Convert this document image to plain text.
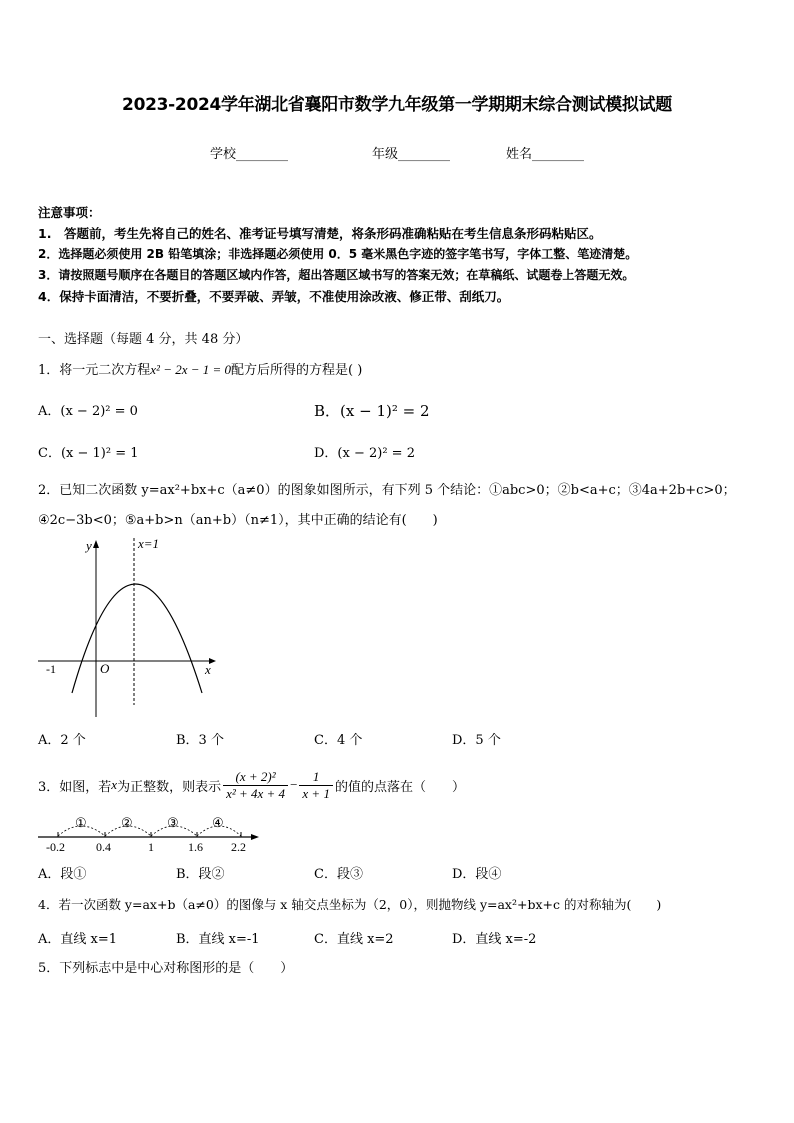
2023-2024学年湖北省襄阳市数学九年级第一学期期末综合测试模拟试题
学校________	年级________	姓名________
注意事项：
1.　答题前，考生先将自己的姓名、准考证号填写清楚，将条形码准确粘贴在考生信息条形码粘贴区。
2．选择题必须使用 2B 铅笔填涂；非选择题必须使用 0．5 毫米黑色字迹的签字笔书写，字体工整、笔迹清楚。
3．请按照题号顺序在各题目的答题区域内作答，超出答题区域书写的答案无效；在草稿纸、试题卷上答题无效。
4．保持卡面清洁，不要折叠，不要弄破、弄皱，不准使用涂改液、修正带、刮纸刀。
一、选择题（每题 4 分，共 48 分）
1．将一元二次方程x² − 2x − 1 = 0配方后所得的方程是( )
A．(x − 2)² = 0	B．(x − 1)² = 2
C．(x − 1)² = 1	D．(x − 2)² = 2
2．已知二次函数 y=ax²+bx+c（a≠0）的图象如图所示，有下列 5 个结论：①abc>0；②b<a+c；③4a+2b+c>0；
④2c−3b<0；⑤a+b>n（an+b）（n≠1），其中正确的结论有(　　)
y	x=1
x
O
-1
A．2 个	B．3 个	C．4 个	D．5 个
3．如图，若 x 为正整数，则表示 $\frac{\text{(x + 2)²}}{\text{x² + 4x + 4}} - \frac{1}{x + 1}$ 的值的点落在（　　）
①	②	③	④
-0.2	0.4	1	1.6 2.2
A．段①	B．段②	C．段③	D．段④
4．若一次函数 y=ax+b（a≠0）的图像与 x 轴交点坐标为（2，0），则抛物线 y=ax²+bx+c 的对称轴为(　　)
A．直线 x=1	B．直线 x=-1	C．直线 x=2	D．直线 x=-2
5．下列标志中是中心对称图形的是（　　）
